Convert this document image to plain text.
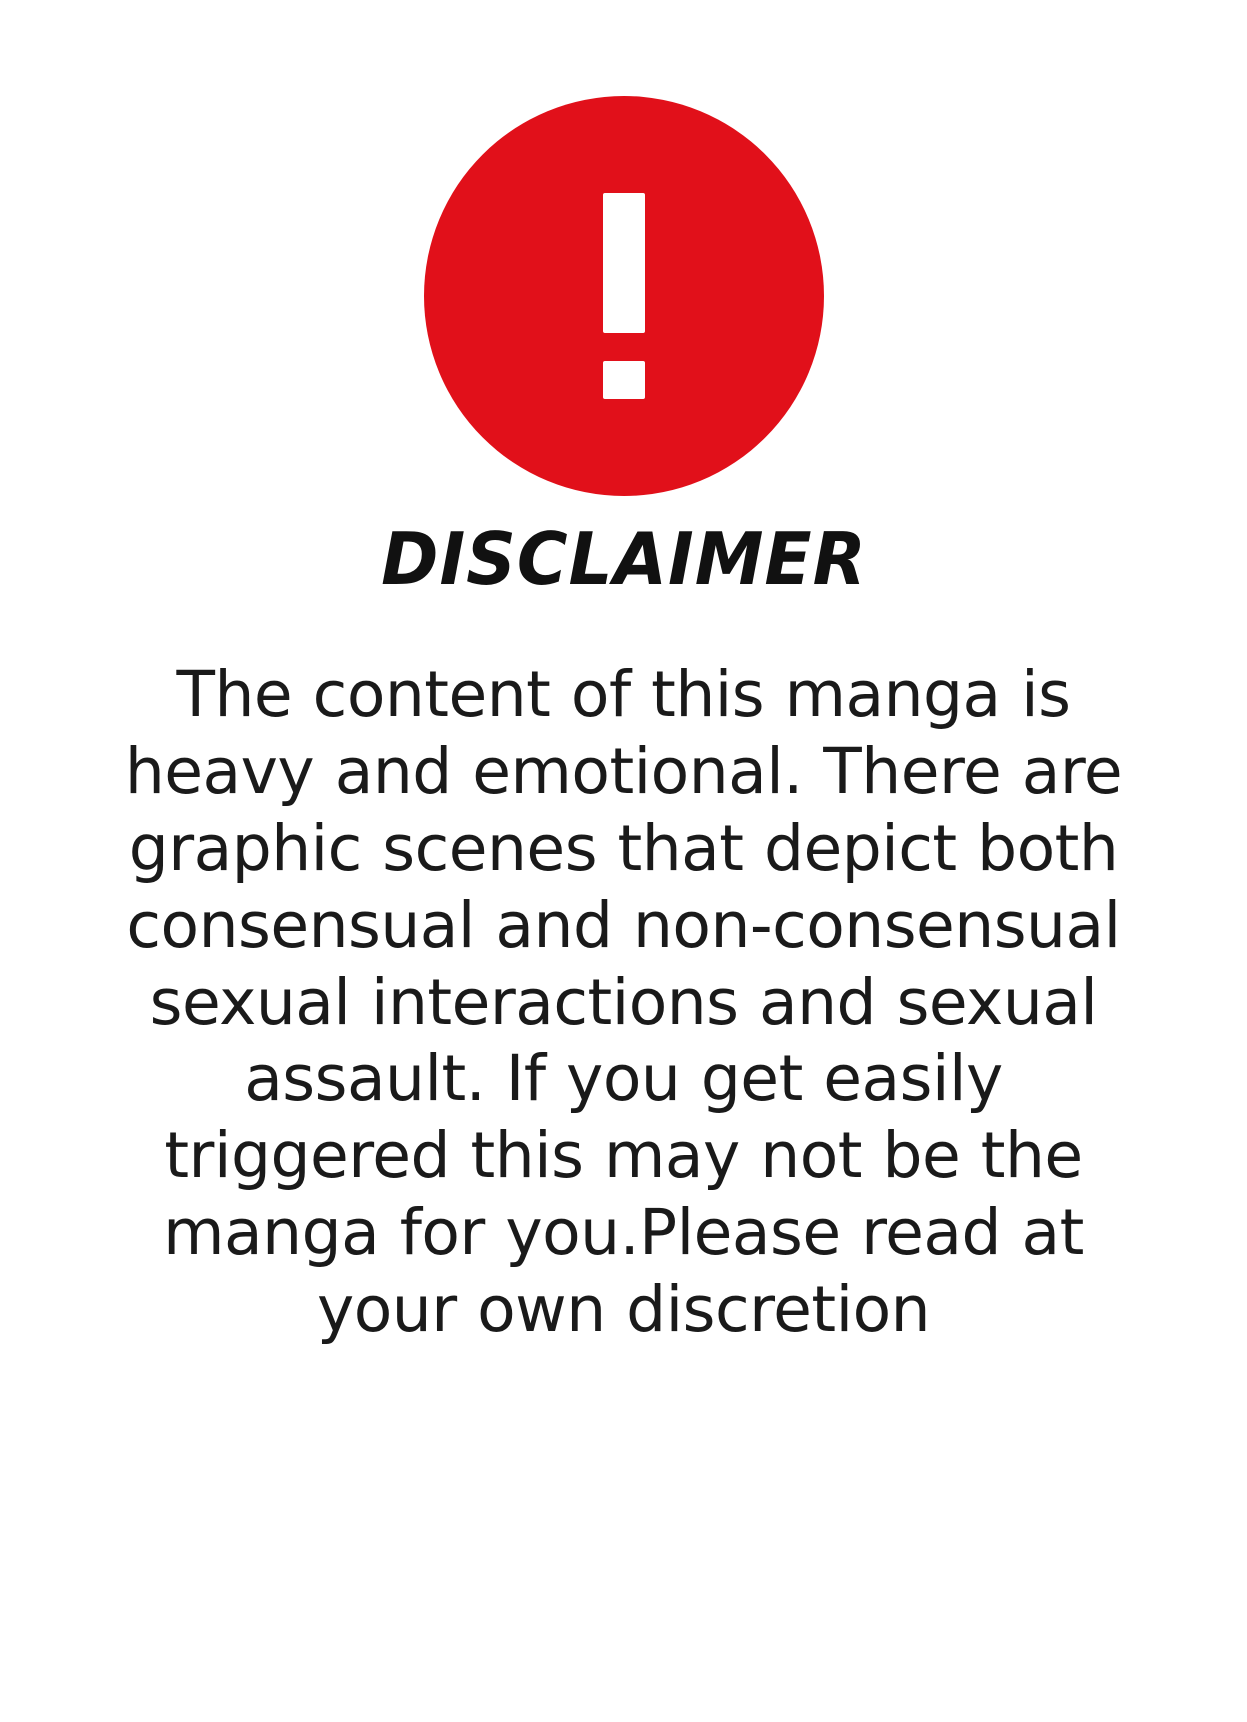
DISCLAIMER
The content of this manga is heavy and emotional. There are graphic scenes that depict both consensual and non-consensual sexual interactions and sexual assault. If you get easily triggered this may not be the manga for you.Please read at your own discretion
